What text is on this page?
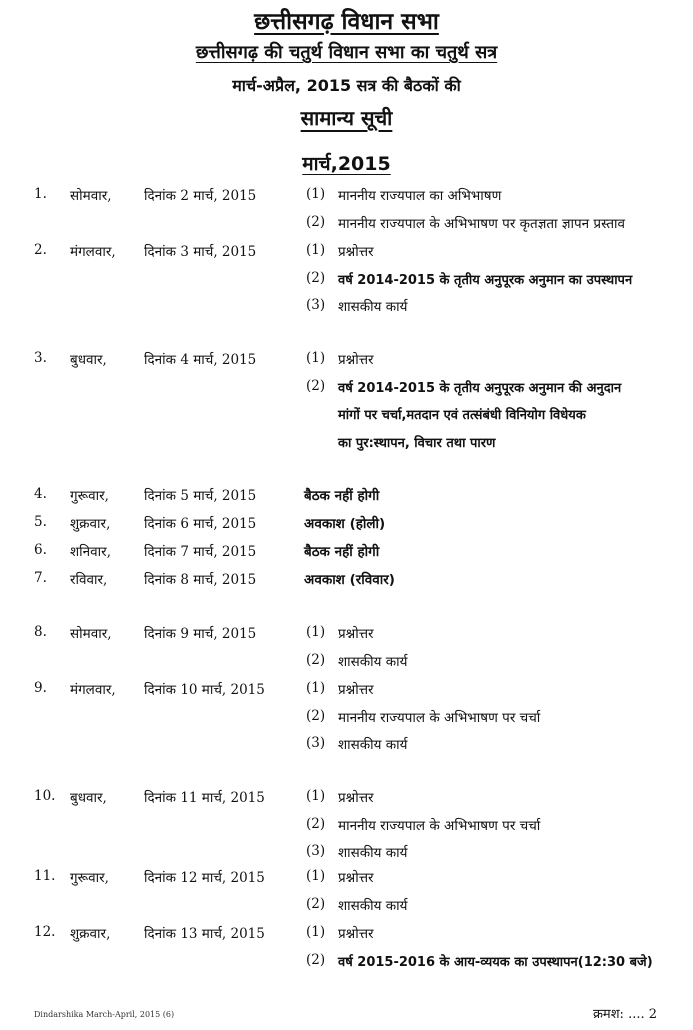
छत्तीसगढ़ विधान सभा
छत्तीसगढ़ की चतुर्थ विधान सभा का चतुर्थ सत्र
मार्च-अप्रैल, 2015 सत्र की बैठकों की
सामान्य सूची
मार्च,2015
1. सोमवार, दिनांक 2 मार्च, 2015	(1) माननीय राज्यपाल का अभिभाषण
(2) माननीय राज्यपाल के अभिभाषण पर कृतज्ञता ज्ञापन प्रस्ताव
2. मंगलवार, दिनांक 3 मार्च, 2015	(1) प्रश्नोत्तर
(2) वर्ष 2014-2015 के तृतीय अनुपूरक अनुमान का उपस्थापन
(3) शासकीय कार्य
3. बुधवार,	दिनांक 4 मार्च, 2015	(1) प्रश्नोत्तर
(2) वर्ष 2014-2015 के तृतीय अनुपूरक अनुमान की अनुदान
मांगों पर चर्चा,मतदान एवं तत्संबंधी विनियोग विधेयक
का पुर:स्थापन, विचार तथा पारण
4. गुरूवार,	दिनांक 5 मार्च, 2015	बैठक नहीं होगी
5. शुक्रवार, दिनांक 6 मार्च, 2015	अवकाश (होली)
6. शनिवार, दिनांक 7 मार्च, 2015	बैठक नहीं होगी
7. रविवार,	दिनांक 8 मार्च, 2015	अवकाश (रविवार)
8. सोमवार, दिनांक 9 मार्च, 2015	(1) प्रश्नोत्तर
(2) शासकीय कार्य
9. मंगलवार, दिनांक 10 मार्च, 2015	(1) प्रश्नोत्तर
(2) माननीय राज्यपाल के अभिभाषण पर चर्चा
(3) शासकीय कार्य
10. बुधवार,	दिनांक 11 मार्च, 2015	(1) प्रश्नोत्तर
(2) माननीय राज्यपाल के अभिभाषण पर चर्चा
(3) शासकीय कार्य
11. गुरूवार,	दिनांक 12 मार्च, 2015	(1) प्रश्नोत्तर
(2) शासकीय कार्य
12. शुक्रवार, दिनांक 13 मार्च, 2015	(1) प्रश्नोत्तर
(2) वर्ष 2015-2016 के आय-व्ययक का उपस्थापन(12:30 बजे)
Dindarshika March-April, 2015 (6)	क्रमश: .... 2
